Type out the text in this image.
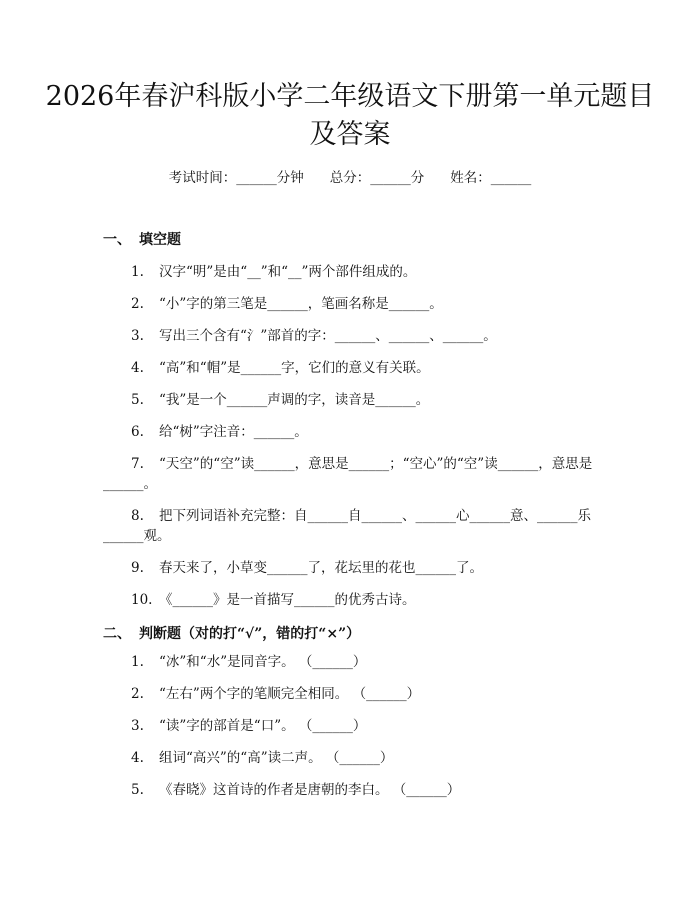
2026年春沪科版小学二年级语文下册第一单元题目及答案
考试时间：______分钟 总分：______分 姓名：______
一、 填空题

1. 汉字“明”是由“__”和“__”两个部件组成的。

2. “小”字的第三笔是______，笔画名称是______。

3. 写出三个含有“氵”部首的字：______、______、______。

4. “高”和“帽”是______字，它们的意义有关联。

5. “我”是一个______声调的字，读音是______。

6. 给“树”字注音：______。

7. “天空”的“空”读______，意思是______；“空心”的“空”读______，意思是______。

8. 把下列词语补充完整：自______自______、______心______意、______乐______观。

9. 春天来了，小草变______了，花坛里的花也______了。

10. 《______》是一首描写______的优秀古诗。

二、 判断题（对的打“√”，错的打“×”）

1. “冰”和“水”是同音字。 （______）

2. “左右”两个字的笔顺完全相同。 （______）

3. “读”字的部首是“口”。 （______）

4. 组词“高兴”的“高”读二声。 （______）

5. 《春晓》这首诗的作者是唐朝的李白。 （______）
